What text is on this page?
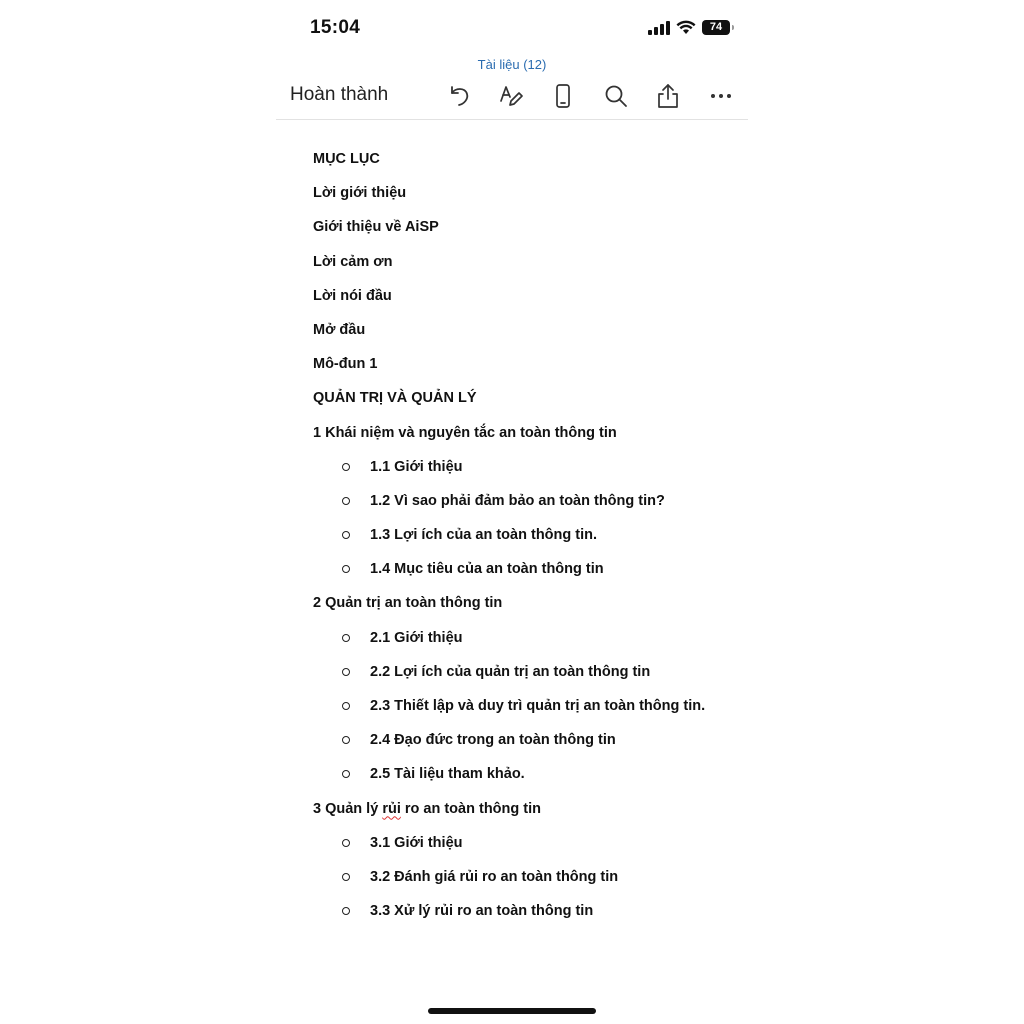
15:04	74
Tài liệu (12)
Hoàn thành
MỤC LỤC
Lời giới thiệu
Giới thiệu về AiSP
Lời cảm ơn
Lời nói đầu
Mở đầu
Mô-đun 1
QUẢN TRỊ VÀ QUẢN LÝ
1 Khái niệm và nguyên tắc an toàn thông tin
1.1 Giới thiệu
1.2 Vì sao phải đảm bảo an toàn thông tin?
1.3 Lợi ích của an toàn thông tin.
1.4 Mục tiêu của an toàn thông tin
2 Quản trị an toàn thông tin
2.1 Giới thiệu
2.2 Lợi ích của quản trị an toàn thông tin
2.3 Thiết lập và duy trì quản trị an toàn thông tin.
2.4 Đạo đức trong an toàn thông tin
2.5 Tài liệu tham khảo.
3 Quản lý rủi ro an toàn thông tin
3.1 Giới thiệu
3.2 Đánh giá rủi ro an toàn thông tin
3.3 Xử lý rủi ro an toàn thông tin
